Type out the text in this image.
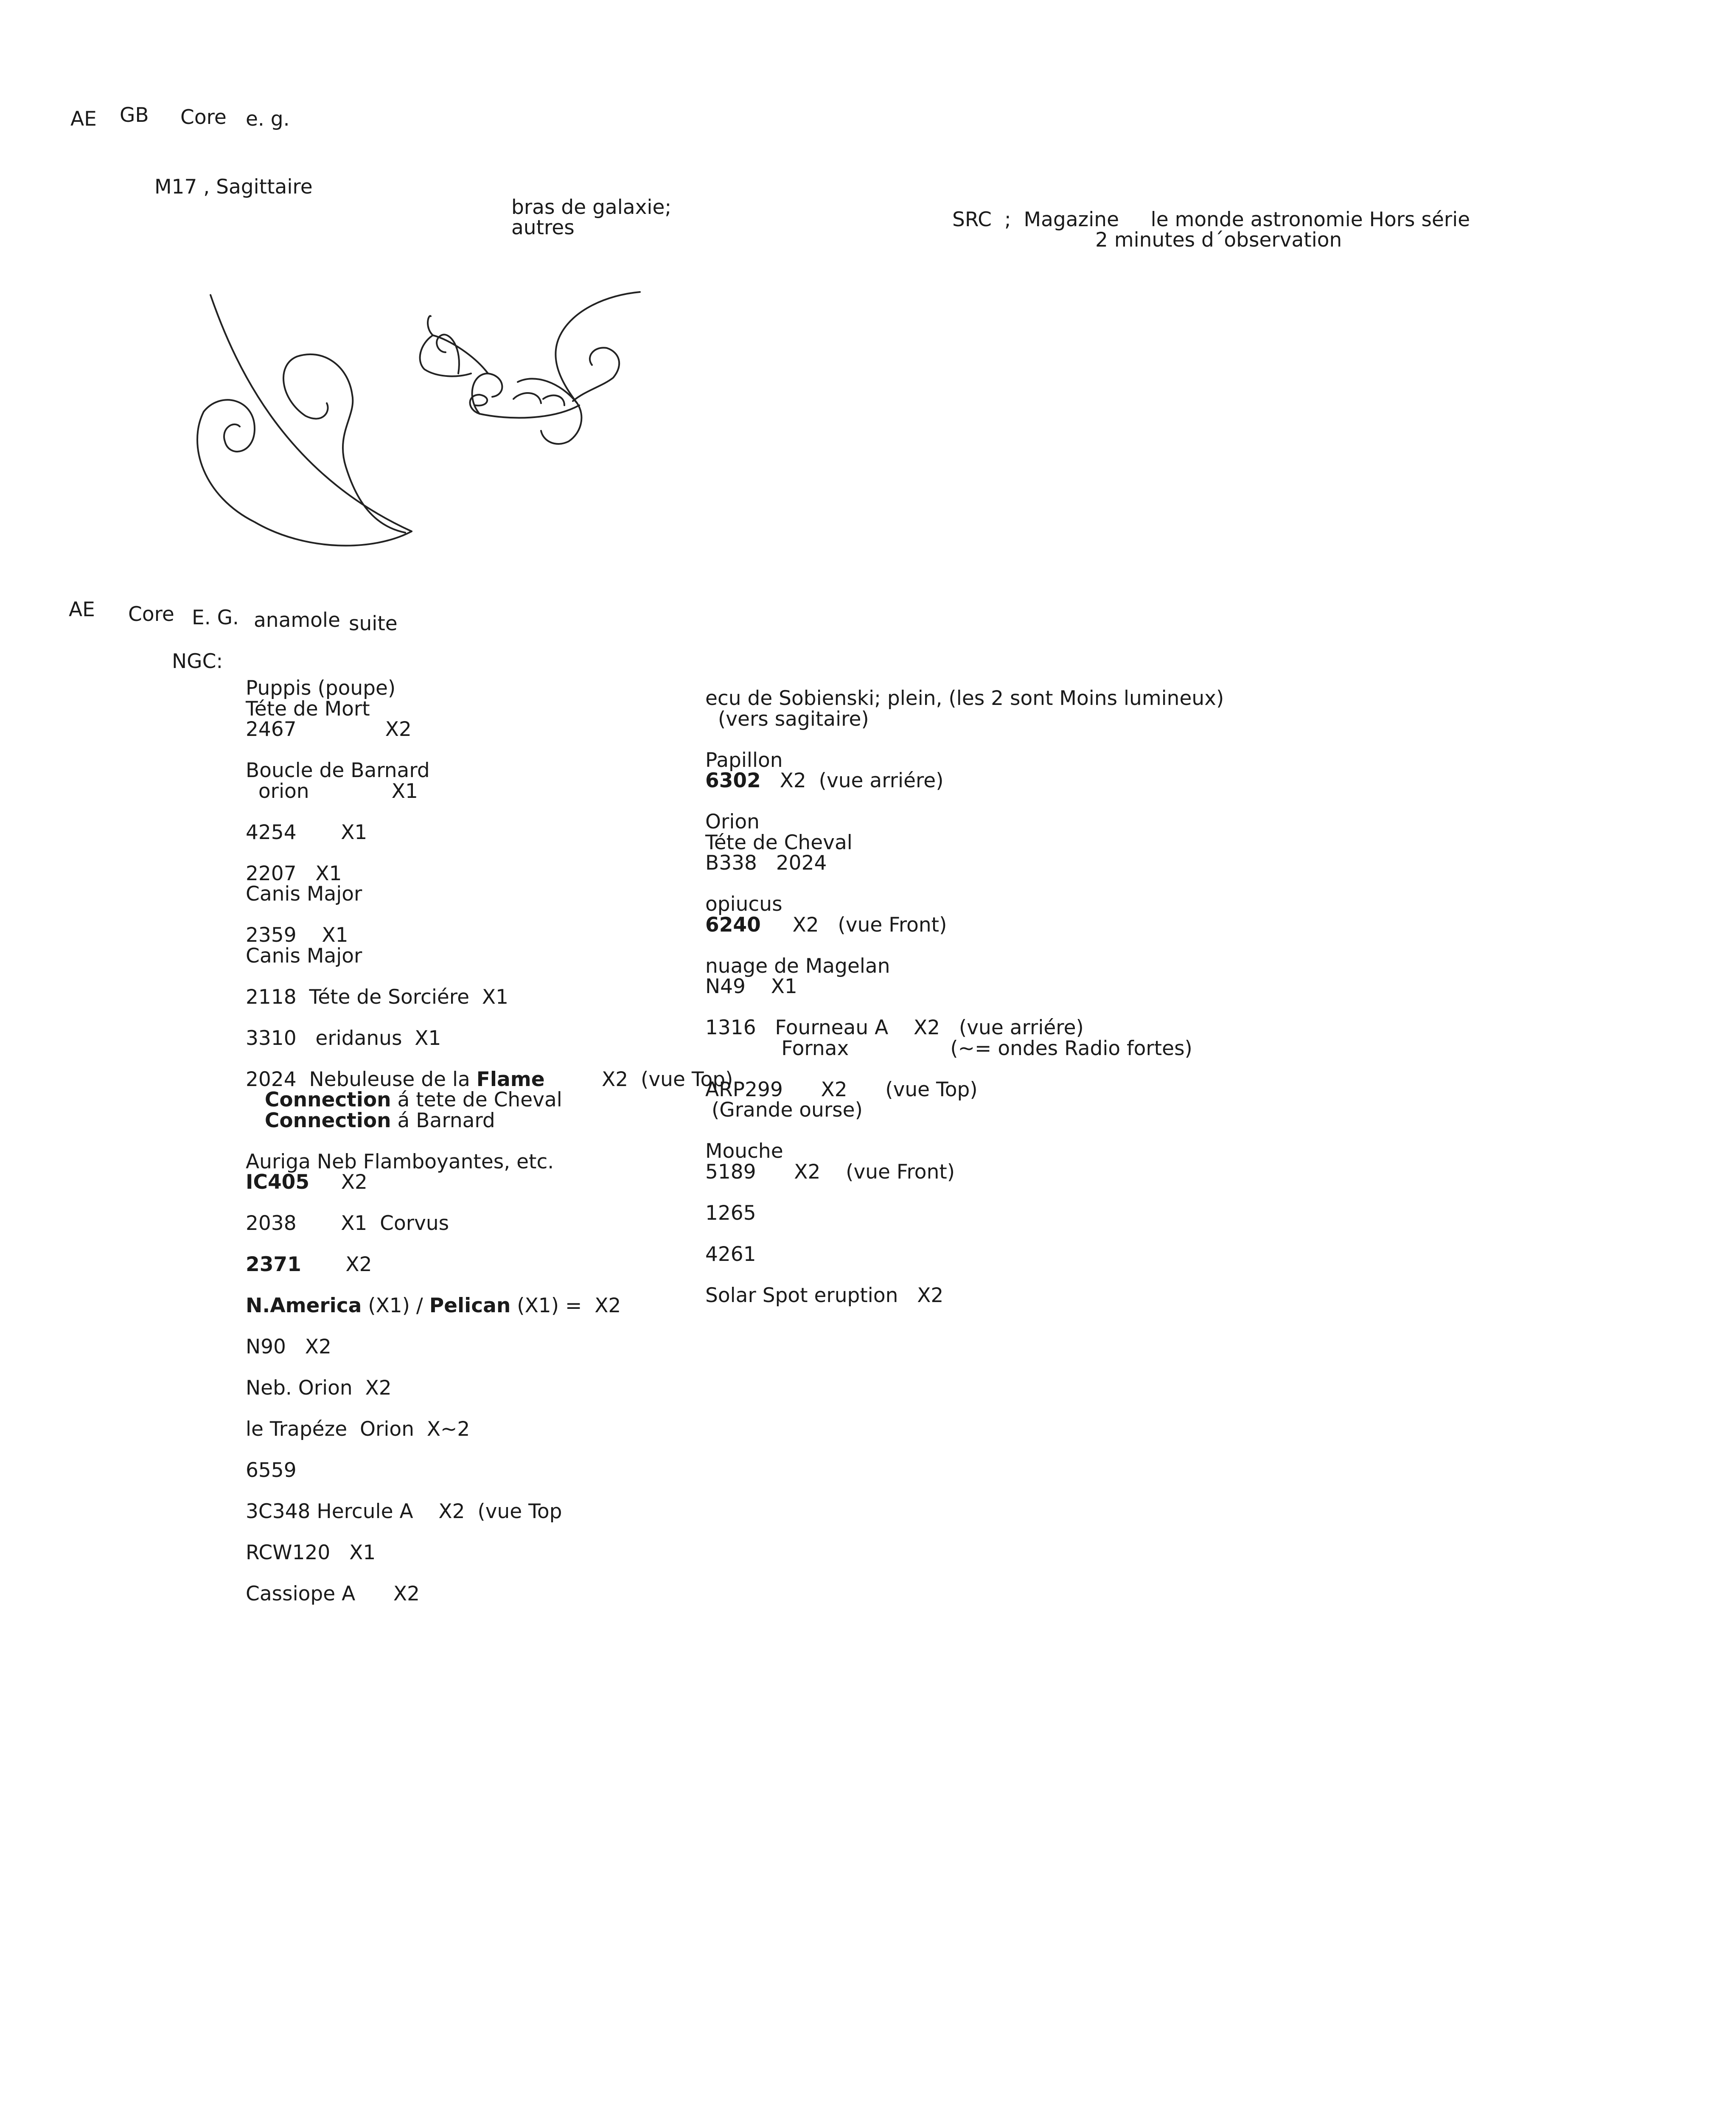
AE GB Core e. g.
M17 , Sagittaire
bras de galaxie;
autres	SRC  ;  Magazine     le monde astronomie Hors série
2 minutes d´observation
AE Core E. G. anamole suite
NGC:
Puppis (poupe)
Téte de Mort
2467              X2
Boucle de Barnard
orion             X1
4254       X1
2207   X1
Canis Major
2359    X1
Canis Major
2118  Téte de Sorciére  X1
3310   eridanus  X1
2024  Nebuleuse de la Flame         X2  (vue Top)
Connection á tete de Cheval
Connection á Barnard
Auriga Neb Flamboyantes, etc.
IC405     X2
2038       X1  Corvus
2371       X2
N.America (X1) / Pelican (X1) =  X2
N90   X2
Neb. Orion  X2
le Trapéze  Orion  X~2
6559
3C348 Hercule A    X2  (vue Top
RCW120   X1
Cassiope A      X2
ecu de Sobienski; plein, (les 2 sont Moins lumineux)
(vers sagitaire)
Papillon
6302   X2  (vue arriére)
Orion
Téte de Cheval
B338   2024
opiucus
6240     X2   (vue Front)
nuage de Magelan
N49    X1
1316   Fourneau A    X2   (vue arriére)
Fornax                (~= ondes Radio fortes)
ARP299      X2      (vue Top)
(Grande ourse)
Mouche
5189      X2    (vue Front)
1265
4261
Solar Spot eruption   X2
